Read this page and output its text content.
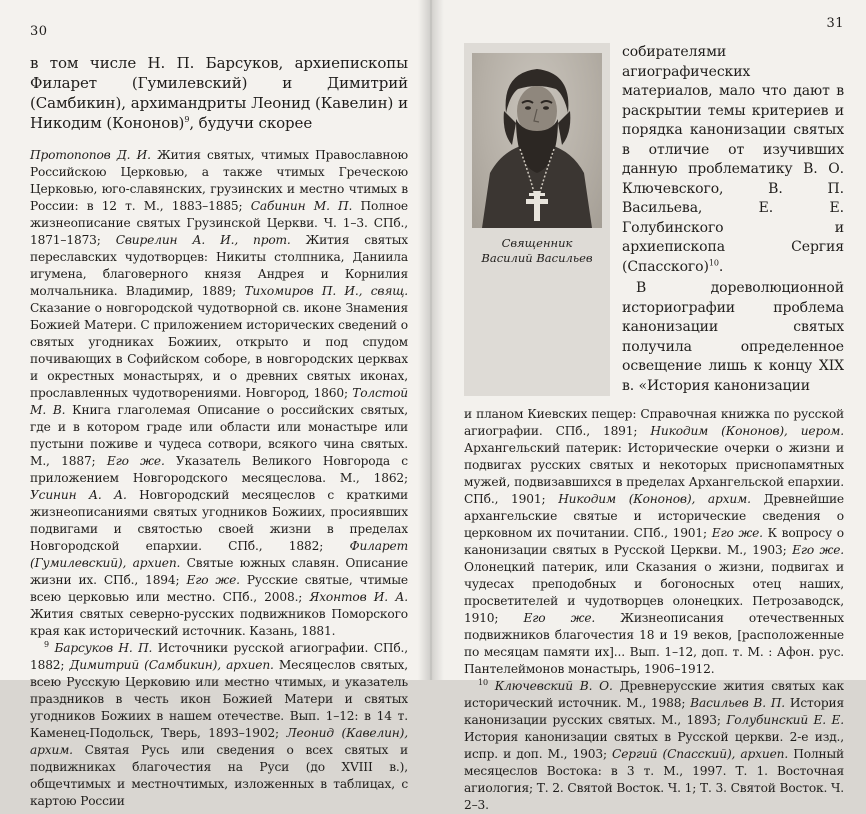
30

в том числе Н. П. Барсуков, архиепископы Филарет (Гумилевский) и Димитрий (Самбикин), архимандриты Леонид (Кавелин) и Никодим (Кононов)$^9$, будучи скорее

Протопопов Д. И. Жития святых, чтимых Православною Российскою Церковью, а также чтимых Греческою Церковью, юго-славянских, грузинских и местно чтимых в России: в 12 т. М., 1883–1885; Сабинин М. П. Полное жизнеописание святых Грузинской Церкви. Ч. 1–3. СПб., 1871–1873; Свирелин А. И., прот. Жития святых переславских чудотворцев: Никиты столпника, Даниила игумена, благоверного князя Андрея и Корнилия молчальника. Владимир, 1889; Тихомиров П. И., свящ. Сказание о новгородской чудотворной св. иконе Знамения Божией Матери. С приложением исторических сведений о святых угодниках Божиих, открыто и под спудом почивающих в Софийском соборе, в новгородских церквах и окрестных монастырях, и о древних святых иконах, прославленных чудотворениями. Новгород, 1860; Толстой М. В. Книга глаголемая Описание о российских святых, где и в котором граде или области или монастыре или пустыни поживе и чудеса сотвори, всякого чина святых. М., 1887; Его же. Указатель Великого Новгорода с приложением Новгородского месяцеслова. М., 1862; Усинин А. А. Новгородский месяцеслов с краткими жизнеописаниями святых угодников Божиих, просиявших подвигами и святостью своей жизни в пределах Новгородской епархии. СПб., 1882; Филарет (Гумилевский), архиеп. Святые южных славян. Описание жизни их. СПб., 1894; Его же. Русские святые, чтимые всею церковью или местно. СПб., 2008.; Яхонтов И. А. Жития святых северно-русских подвижников Поморского края как исторический источник. Казань, 1881.

$^9$ Барсуков Н. П. Источники русской агиографии. СПб., 1882; Димитрий (Самбикин), архиеп. Месяцеслов святых, всею Русскую Церковию или местно чтимых, и указатель праздников в честь икон Божией Матери и святых угодников Божиих в нашем отечестве. Вып. 1–12: в 14 т. Каменец-Подольск, Тверь, 1893–1902; Леонид (Кавелин), архим. Святая Русь или сведения о всех святых и подвижниках благочестия на Руси (до XVIII в.), общечтимых и местночтимых, изложенных в таблицах, с картою России

31
Священник
Василий Васильев

собирателями агиографических материалов, мало что дают в раскрытии темы критериев и порядка канонизации святых в отличие от изучивших данную проблематику В. О. Ключевского, В. П. Васильева, Е. Е. Голубинского и архиепископа Сергия (Спасского)$^{10}$.

В дореволюционной историографии проблема канонизации святых получила определенное освещение лишь к концу XIX в. «История канонизации

и планом Киевских пещер: Справочная книжка по русской агиографии. СПб., 1891; Никодим (Кононов), иером. Архангельский патерик: Исторические очерки о жизни и подвигах русских святых и некоторых приснопамятных мужей, подвизавшихся в пределах Архангельской епархии. СПб., 1901; Никодим (Кононов), архим. Древнейшие архангельские святые и исторические сведения о церковном их почитании. СПб., 1901; Его же. К вопросу о канонизации святых в Русской Церкви. М., 1903; Его же. Олонецкий патерик, или Сказания о жизни, подвигах и чудесах преподобных и богоносных отец наших, просветителей и чудотворцев олонецких. Петрозаводск, 1910; Его же. Жизнеописания отечественных подвижников благочестия 18 и 19 веков, [расположенные по месяцам памяти их]... Вып. 1–12, доп. т. М. : Афон. рус. Пантелеймонов монастырь, 1906–1912.

$^{10}$ Ключевский В. О. Древнерусские жития святых как исторический источник. М., 1988; Васильев В. П. История канонизации русских святых. М., 1893; Голубинский Е. Е. История канонизации святых в Русской церкви. 2-е изд., испр. и доп. М., 1903; Сергий (Спасский), архиеп. Полный месяцеслов Востока: в 3 т. М., 1997. Т. 1. Восточная агиология; Т. 2. Святой Восток. Ч. 1; Т. 3. Святой Восток. Ч. 2–3.
